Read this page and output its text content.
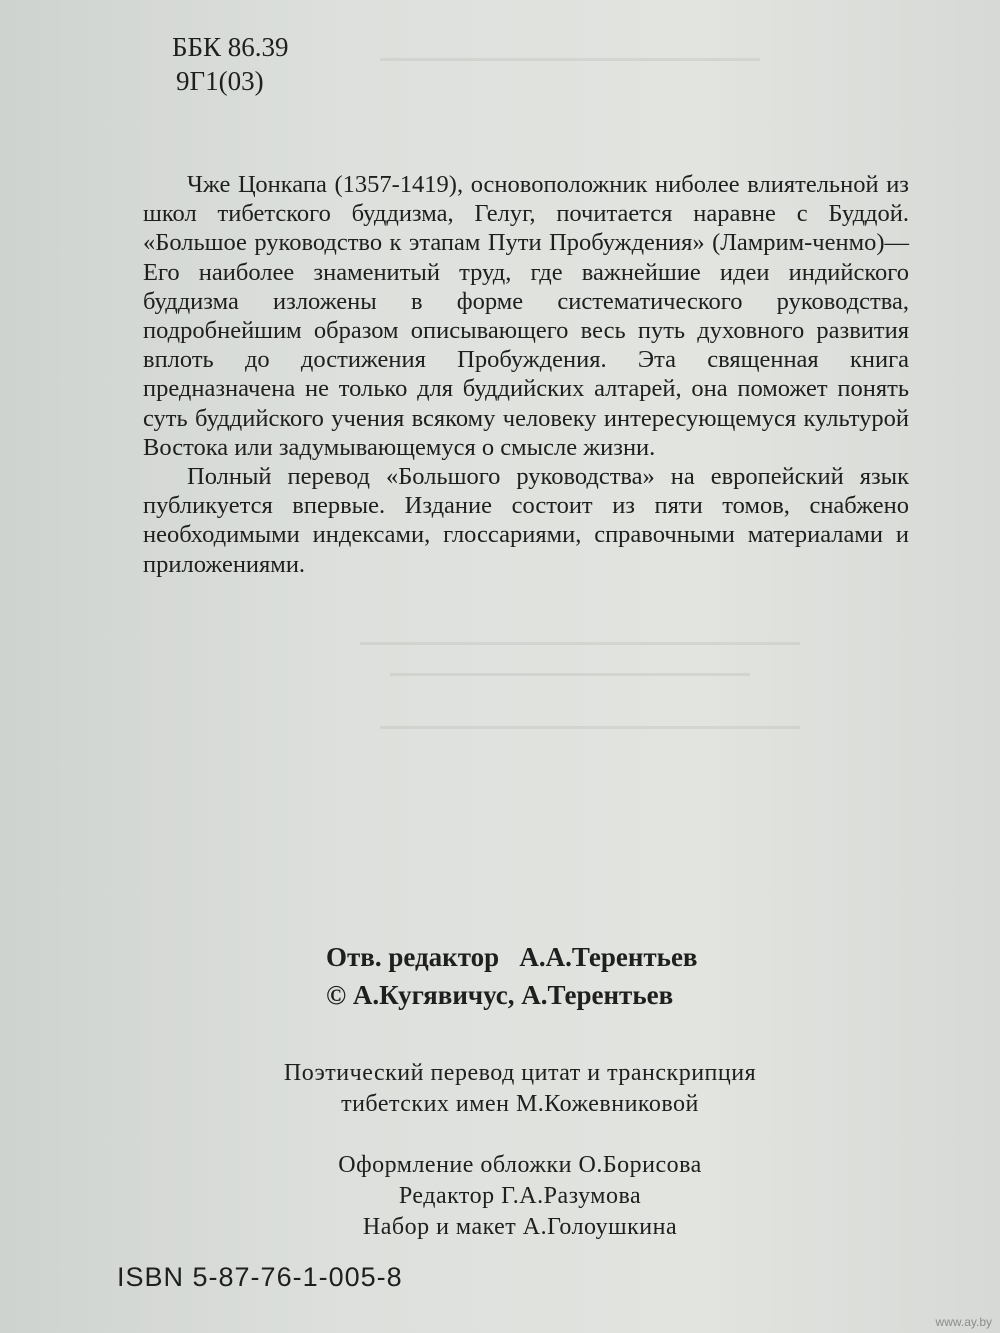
ББК 86.39
9Г1(03)

Чже Цонкапа (1357-1419), основоположник ниболее влиятельной из школ тибетского буддизма, Гелуг, почитается наравне с Буддой. «Большое руководство к этапам Пути Пробуждения» (Ламрим-ченмо)—Его наиболее знаменитый труд, где важнейшие идеи индийского буддизма изложены в форме систематического руководства, подробнейшим образом описывающего весь путь духовного развития вплоть до достижения Пробуждения. Эта священная книга предназначена не только для буддийских алтарей, она поможет понять суть буддийского учения всякому человеку интересующемуся культурой Востока или задумывающемуся о смысле жизни.

Полный перевод «Большого руководства» на европейский язык публикуется впервые. Издание состоит из пяти томов, снабжено необходимыми индексами, глоссариями, справочными материалами и приложениями.

Отв. редактор А.А.Терентьев
© А.Кугявичус, А.Терентьев
Поэтический перевод цитат и транскрипция
тибетских имен М.Кожевниковой
Оформление обложки О.Борисова
Редактор Г.А.Разумова
Набор и макет А.Голоушкина
ISBN 5-87-76-1-005-8
www.ay.by
